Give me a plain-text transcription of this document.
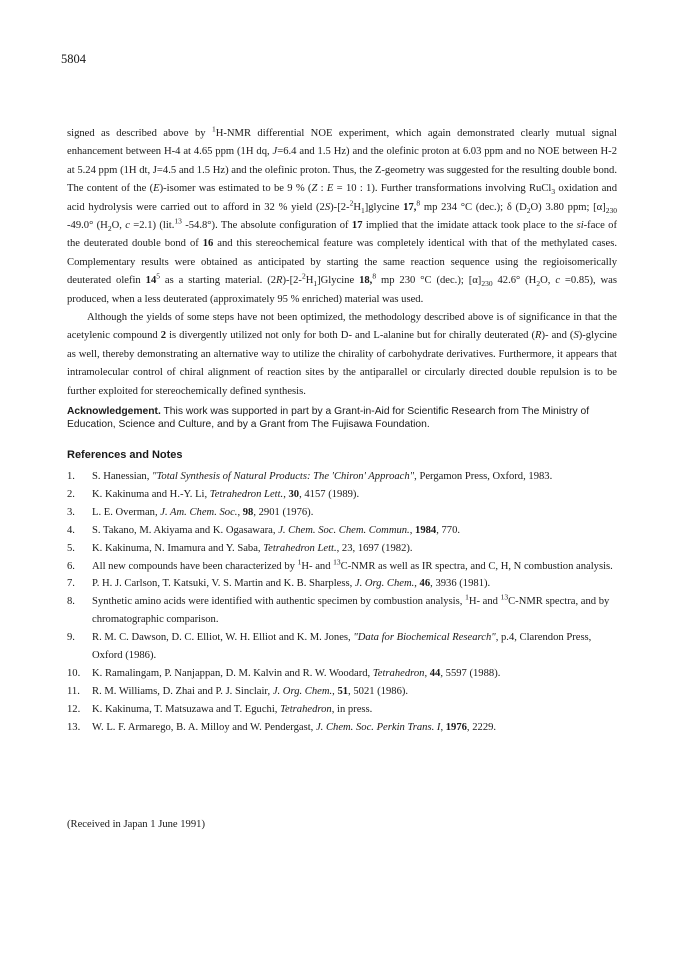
5804

signed as described above by $^1$H-NMR differential NOE experiment, which again demonstrated clearly mutual signal enhancement between H-4 at 4.65 ppm (1H dq, J=6.4 and 1.5 Hz) and the olefinic proton at 6.03 ppm and no NOE between H-2 at 5.24 ppm (1H dt, J=4.5 and 1.5 Hz) and the olefinic proton. Thus, the Z-geometry was suggested for the resulting double bond. The content of the (E)-isomer was estimated to be 9 % (Z : E = 10 : 1). Further transformations involving RuCl$_3$ oxidation and acid hydrolysis were carried out to afford in 32 % yield $(2S)-[2-^2H_1]glycine$ 17,$^8$ mp 234 °C (dec.); δ $(D_2O)$ 3.80 ppm; $[\alpha]_{230}$ -49.0° ($H_2O$, c =2.1) (lit.$^{13}$ -54.8°). The absolute configuration of 17 implied that the imidate attack took place to the si-face of the deuterated double bond of 16 and this stereochemical feature was completely identical with that of the methylated cases. Complementary results were obtained as anticipated by starting the same reaction sequence using the regioisomerically deuterated olefin $14^5$ as a starting material. $(2R)-[2-^2H_1]Glycine$ 18,$^8$ mp 230 °C (dec.); $[\alpha]_{230}$ 42.6° ($H_2O$, c =0.85), was produced, when a less deuterated (approximately 95 % enriched) material was used.

Although the yields of some steps have not been optimized, the methodology described above is of significance in that the acetylenic compound 2 is divergently utilized not only for both D- and L-alanine but for chirally deuterated (R)- and (S)-glycine as well, thereby demonstrating an alternative way to utilize the chirality of carbohydrate derivatives. Furthermore, it appears that intramolecular control of chiral alignment of reaction sites by the antiparallel or circularly directed double repulsion is to be further exploited for stereochemically defined synthesis.

Acknowledgement. This work was supported in part by a Grant-in-Aid for Scientific Research from The Ministry of Education, Science and Culture, and by a Grant from The Fujisawa Foundation.
References and Notes
1. S. Hanessian, "Total Synthesis of Natural Products: The 'Chiron' Approach", Pergamon Press, Oxford, 1983.
2. K. Kakinuma and H.-Y. Li, Tetrahedron Lett., 30, 4157 (1989).
3. L. E. Overman, J. Am. Chem. Soc., 98, 2901 (1976).
4. S. Takano, M. Akiyama and K. Ogasawara, J. Chem. Soc. Chem. Commun., 1984, 770.
5. K. Kakinuma, N. Imamura and Y. Saba, Tetrahedron Lett., 23, 1697 (1982).
6. All new compounds have been characterized by $^1$H- and $^{13}$C-NMR as well as IR spectra, and C, H, N combustion analysis.
7. P. H. J. Carlson, T. Katsuki, V. S. Martin and K. B. Sharpless, J. Org. Chem., 46, 3936 (1981).
8. Synthetic amino acids were identified with authentic specimen by combustion analysis, $^1$H- and $^{13}$C-NMR spectra, and by chromatographic comparison.
9. R. M. C. Dawson, D. C. Elliot, W. H. Elliot and K. M. Jones, "Data for Biochemical Research", p.4, Clarendon Press, Oxford (1986).
10. K. Ramalingam, P. Nanjappan, D. M. Kalvin and R. W. Woodard, Tetrahedron, 44, 5597 (1988).
11. R. M. Williams, D. Zhai and P. J. Sinclair, J. Org. Chem., 51, 5021 (1986).
12. K. Kakinuma, T. Matsuzawa and T. Eguchi, Tetrahedron, in press.
13. W. L. F. Armarego, B. A. Milloy and W. Pendergast, J. Chem. Soc. Perkin Trans. I, 1976, 2229.
(Received in Japan 1 June 1991)
